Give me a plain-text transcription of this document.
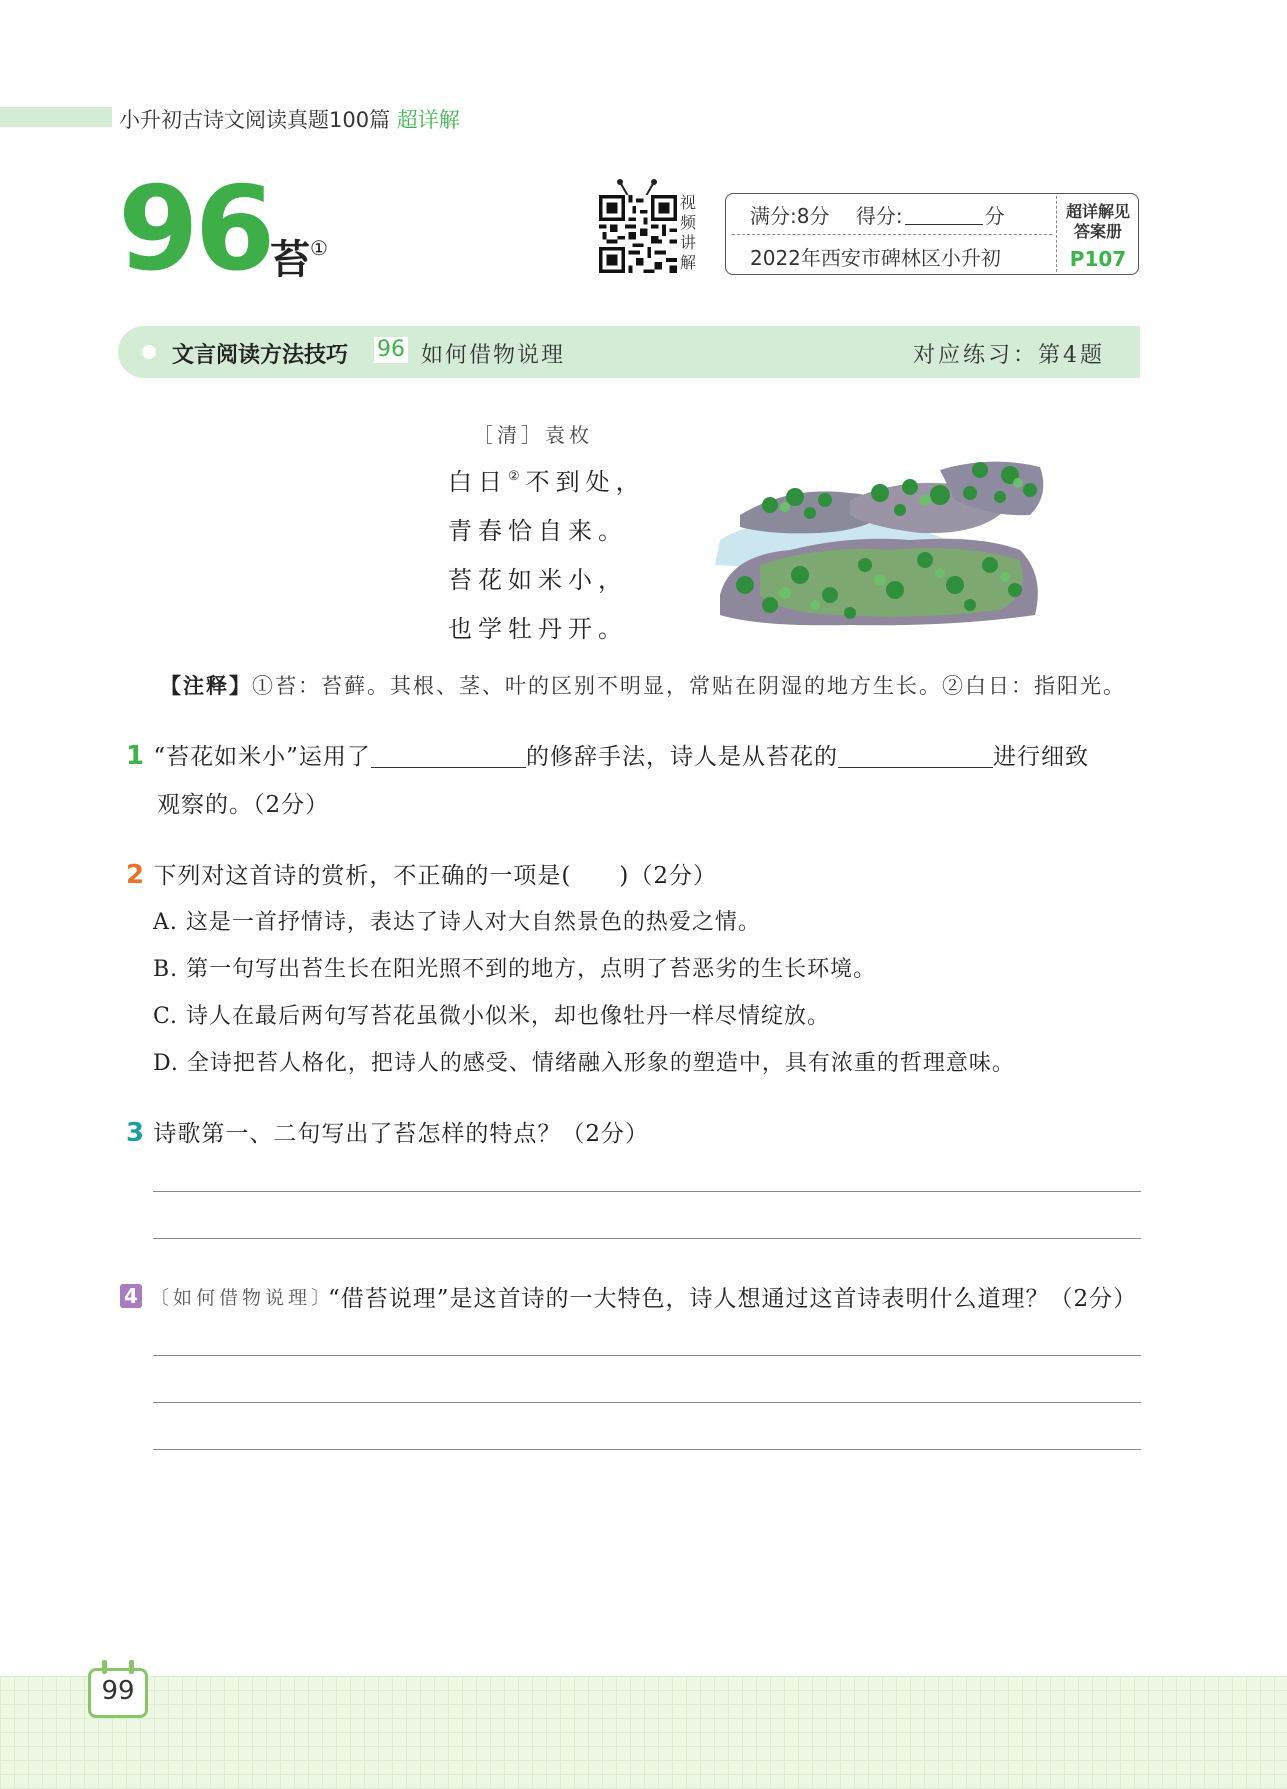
小升初古诗文阅读真题100篇 超详解
96
苔①
视
频
讲
解
满分:8分　 得分:	分
2022年西安市碑林区小升初
超详解见
答案册
P107
文言阅读方法技巧 96 如何借物说理	对应练习：第4题
［清］袁枚
白日②不到处，
青春恰自来。
苔花如米小，
也学牡丹开。
【注释】①苔：苔藓。其根、茎、叶的区别不明显，常贴在阴湿的地方生长。②白日：指阳光。
1 “苔花如米小”运用了	的修辞手法，诗人是从苔花的	进行细致
观察的。（2分）
2 下列对这首诗的赏析，不正确的一项是(　　)（2分）
A. 这是一首抒情诗，表达了诗人对大自然景色的热爱之情。
B. 第一句写出苔生长在阳光照不到的地方，点明了苔恶劣的生长环境。
C. 诗人在最后两句写苔花虽微小似米，却也像牡丹一样尽情绽放。
D. 全诗把苔人格化，把诗人的感受、情绪融入形象的塑造中，具有浓重的哲理意味。
3 诗歌第一、二句写出了苔怎样的特点？（2分）
4 〔如何借物说理〕
“借苔说理”是这首诗的一大特色，诗人想通过这首诗表明什么道理？（2分）
99
